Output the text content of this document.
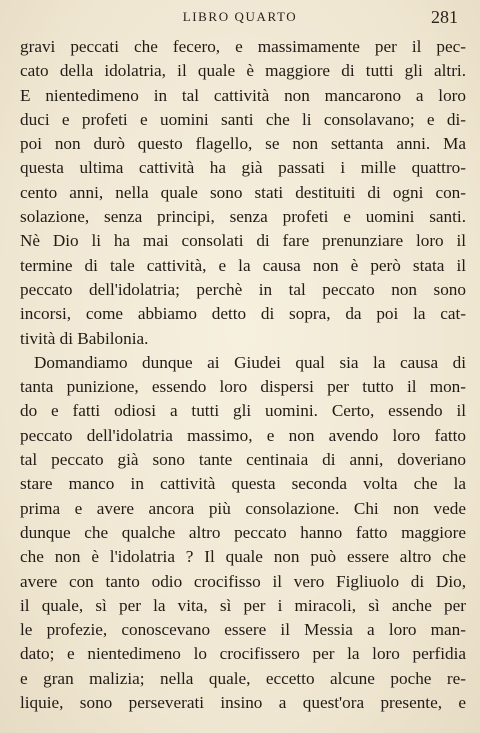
LIBRO QUARTO	281
gravi peccati che fecero, e massimamente per il pec-
cato della idolatria, il quale è maggiore di tutti gli altri.
E nientedimeno in tal cattività non mancarono a loro
duci e profeti e uomini santi che li consolavano; e di-
poi non durò questo flagello, se non settanta anni. Ma
questa ultima cattività ha già passati i mille quattro-
cento anni, nella quale sono stati destituiti di ogni con-
solazione, senza principi, senza profeti e uomini santi.
Nè Dio li ha mai consolati di fare prenunziare loro il
termine di tale cattività, e la causa non è però stata il
peccato dell'idolatria; perchè in tal peccato non sono
incorsi, come abbiamo detto di sopra, da poi la cat-
tività di Babilonia.
Domandiamo dunque ai Giudei qual sia la causa di
tanta punizione, essendo loro dispersi per tutto il mon-
do e fatti odiosi a tutti gli uomini. Certo, essendo il
peccato dell'idolatria massimo, e non avendo loro fatto
tal peccato già sono tante centinaia di anni, doveriano
stare manco in cattività questa seconda volta che la
prima e avere ancora più consolazione. Chi non vede
dunque che qualche altro peccato hanno fatto maggiore
che non è l'idolatria ? Il quale non può essere altro che
avere con tanto odio crocifisso il vero Figliuolo di Dio,
il quale, sì per la vita, sì per i miracoli, sì anche per
le profezie, conoscevano essere il Messia a loro man-
dato; e nientedimeno lo crocifissero per la loro perfidia
e gran malizia; nella quale, eccetto alcune poche re-
liquie, sono perseverati insino a quest'ora presente, e
